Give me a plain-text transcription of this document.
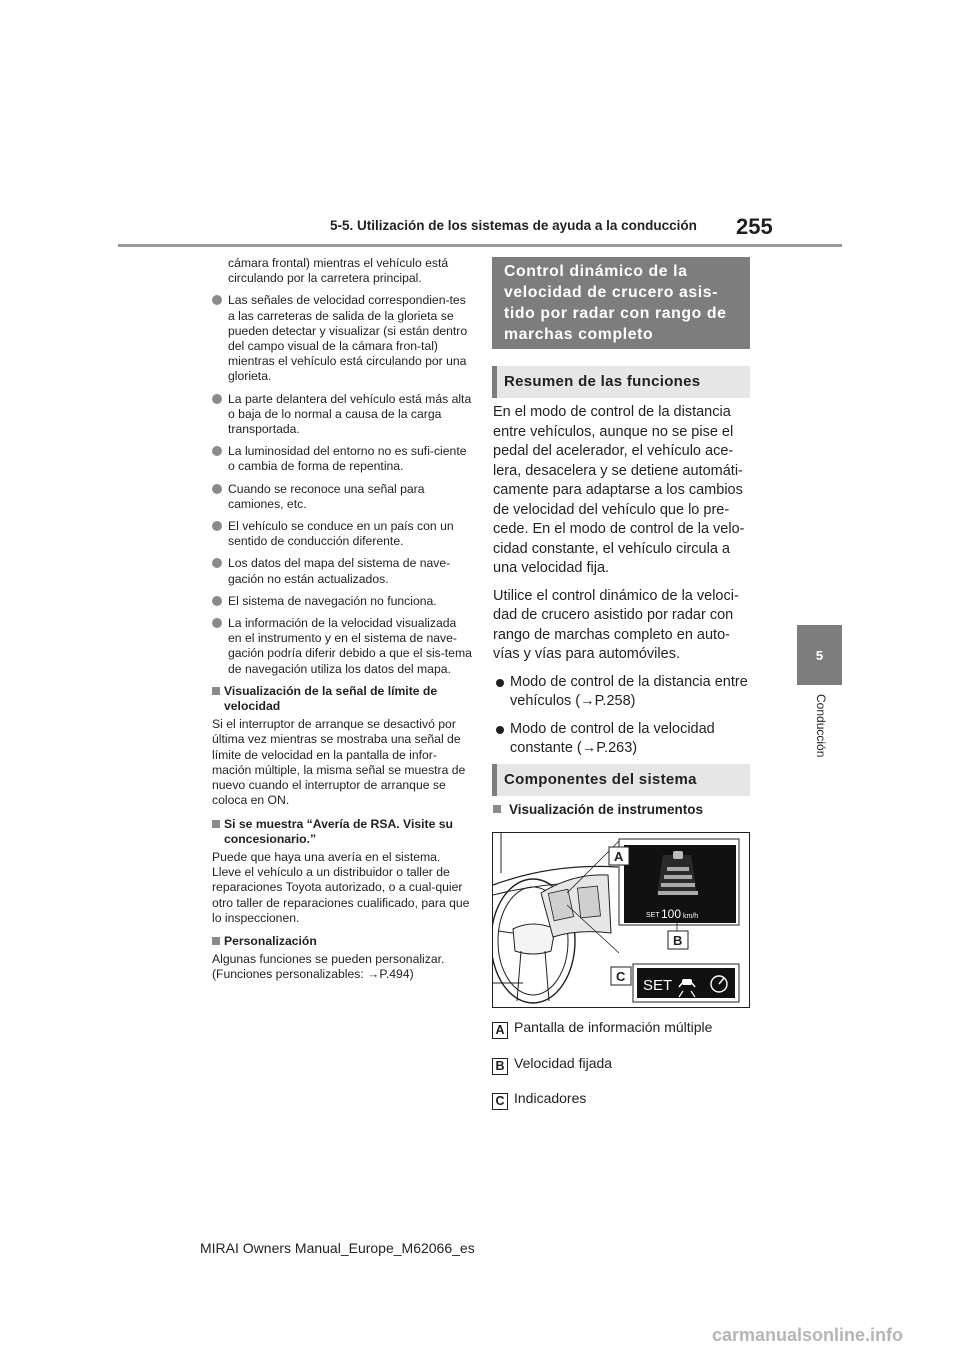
5-5. Utilización de los sistemas de ayuda a la conducción 255
5
Conducción

cámara frontal) mientras el vehículo está circulando por la carretera principal.

Las señales de velocidad correspondien-tes a las carreteras de salida de la glorieta se pueden detectar y visualizar (si están dentro del campo visual de la cámara fron-tal) mientras el vehículo está circulando por una glorieta.
La parte delantera del vehículo está más alta o baja de lo normal a causa de la carga transportada.
La luminosidad del entorno no es sufi-ciente o cambia de forma de repentina.
Cuando se reconoce una señal para camiones, etc.
El vehículo se conduce en un país con un sentido de conducción diferente.
Los datos del mapa del sistema de nave-gación no están actualizados.
El sistema de navegación no funciona.
La información de la velocidad visualizada en el instrumento y en el sistema de nave-gación podría diferir debido a que el sis-tema de navegación utiliza los datos del mapa.
Visualización de la señal de límite de velocidad

Si el interruptor de arranque se desactivó por última vez mientras se mostraba una señal de límite de velocidad en la pantalla de infor-mación múltiple, la misma señal se muestra de nuevo cuando el interruptor de arranque se coloca en ON.

Si se muestra “Avería de RSA. Visite su concesionario.”

Puede que haya una avería en el sistema. Lleve el vehículo a un distribuidor o taller de reparaciones Toyota autorizado, o a cual-quier otro taller de reparaciones cualificado, para que lo inspeccionen.

Personalización

Algunas funciones se pueden personalizar. (Funciones personalizables: →P.494)

Control dinámico de la velocidad de crucero asis-tido por radar con rango de marchas completo
Resumen de las funciones

En el modo de control de la distancia entre vehículos, aunque no se pise el pedal del acelerador, el vehículo ace-lera, desacelera y se detiene automáti-camente para adaptarse a los cambios de velocidad del vehículo que lo pre-cede. En el modo de control de la velo-cidad constante, el vehículo circula a una velocidad fija.

Utilice el control dinámico de la veloci-dad de crucero asistido por radar con rango de marchas completo en auto-vías y vías para automóviles.

Modo de control de la distancia entre vehículos (→P.258)
Modo de control de la velocidad constante (→P.263)
Componentes del sistema
Visualización de instrumentos
SET 100 km/h
A
B
SET
C
A Pantalla de información múltiple
B Velocidad fijada
C Indicadores
MIRAI Owners Manual_Europe_M62066_es
carmanualsonline.info
